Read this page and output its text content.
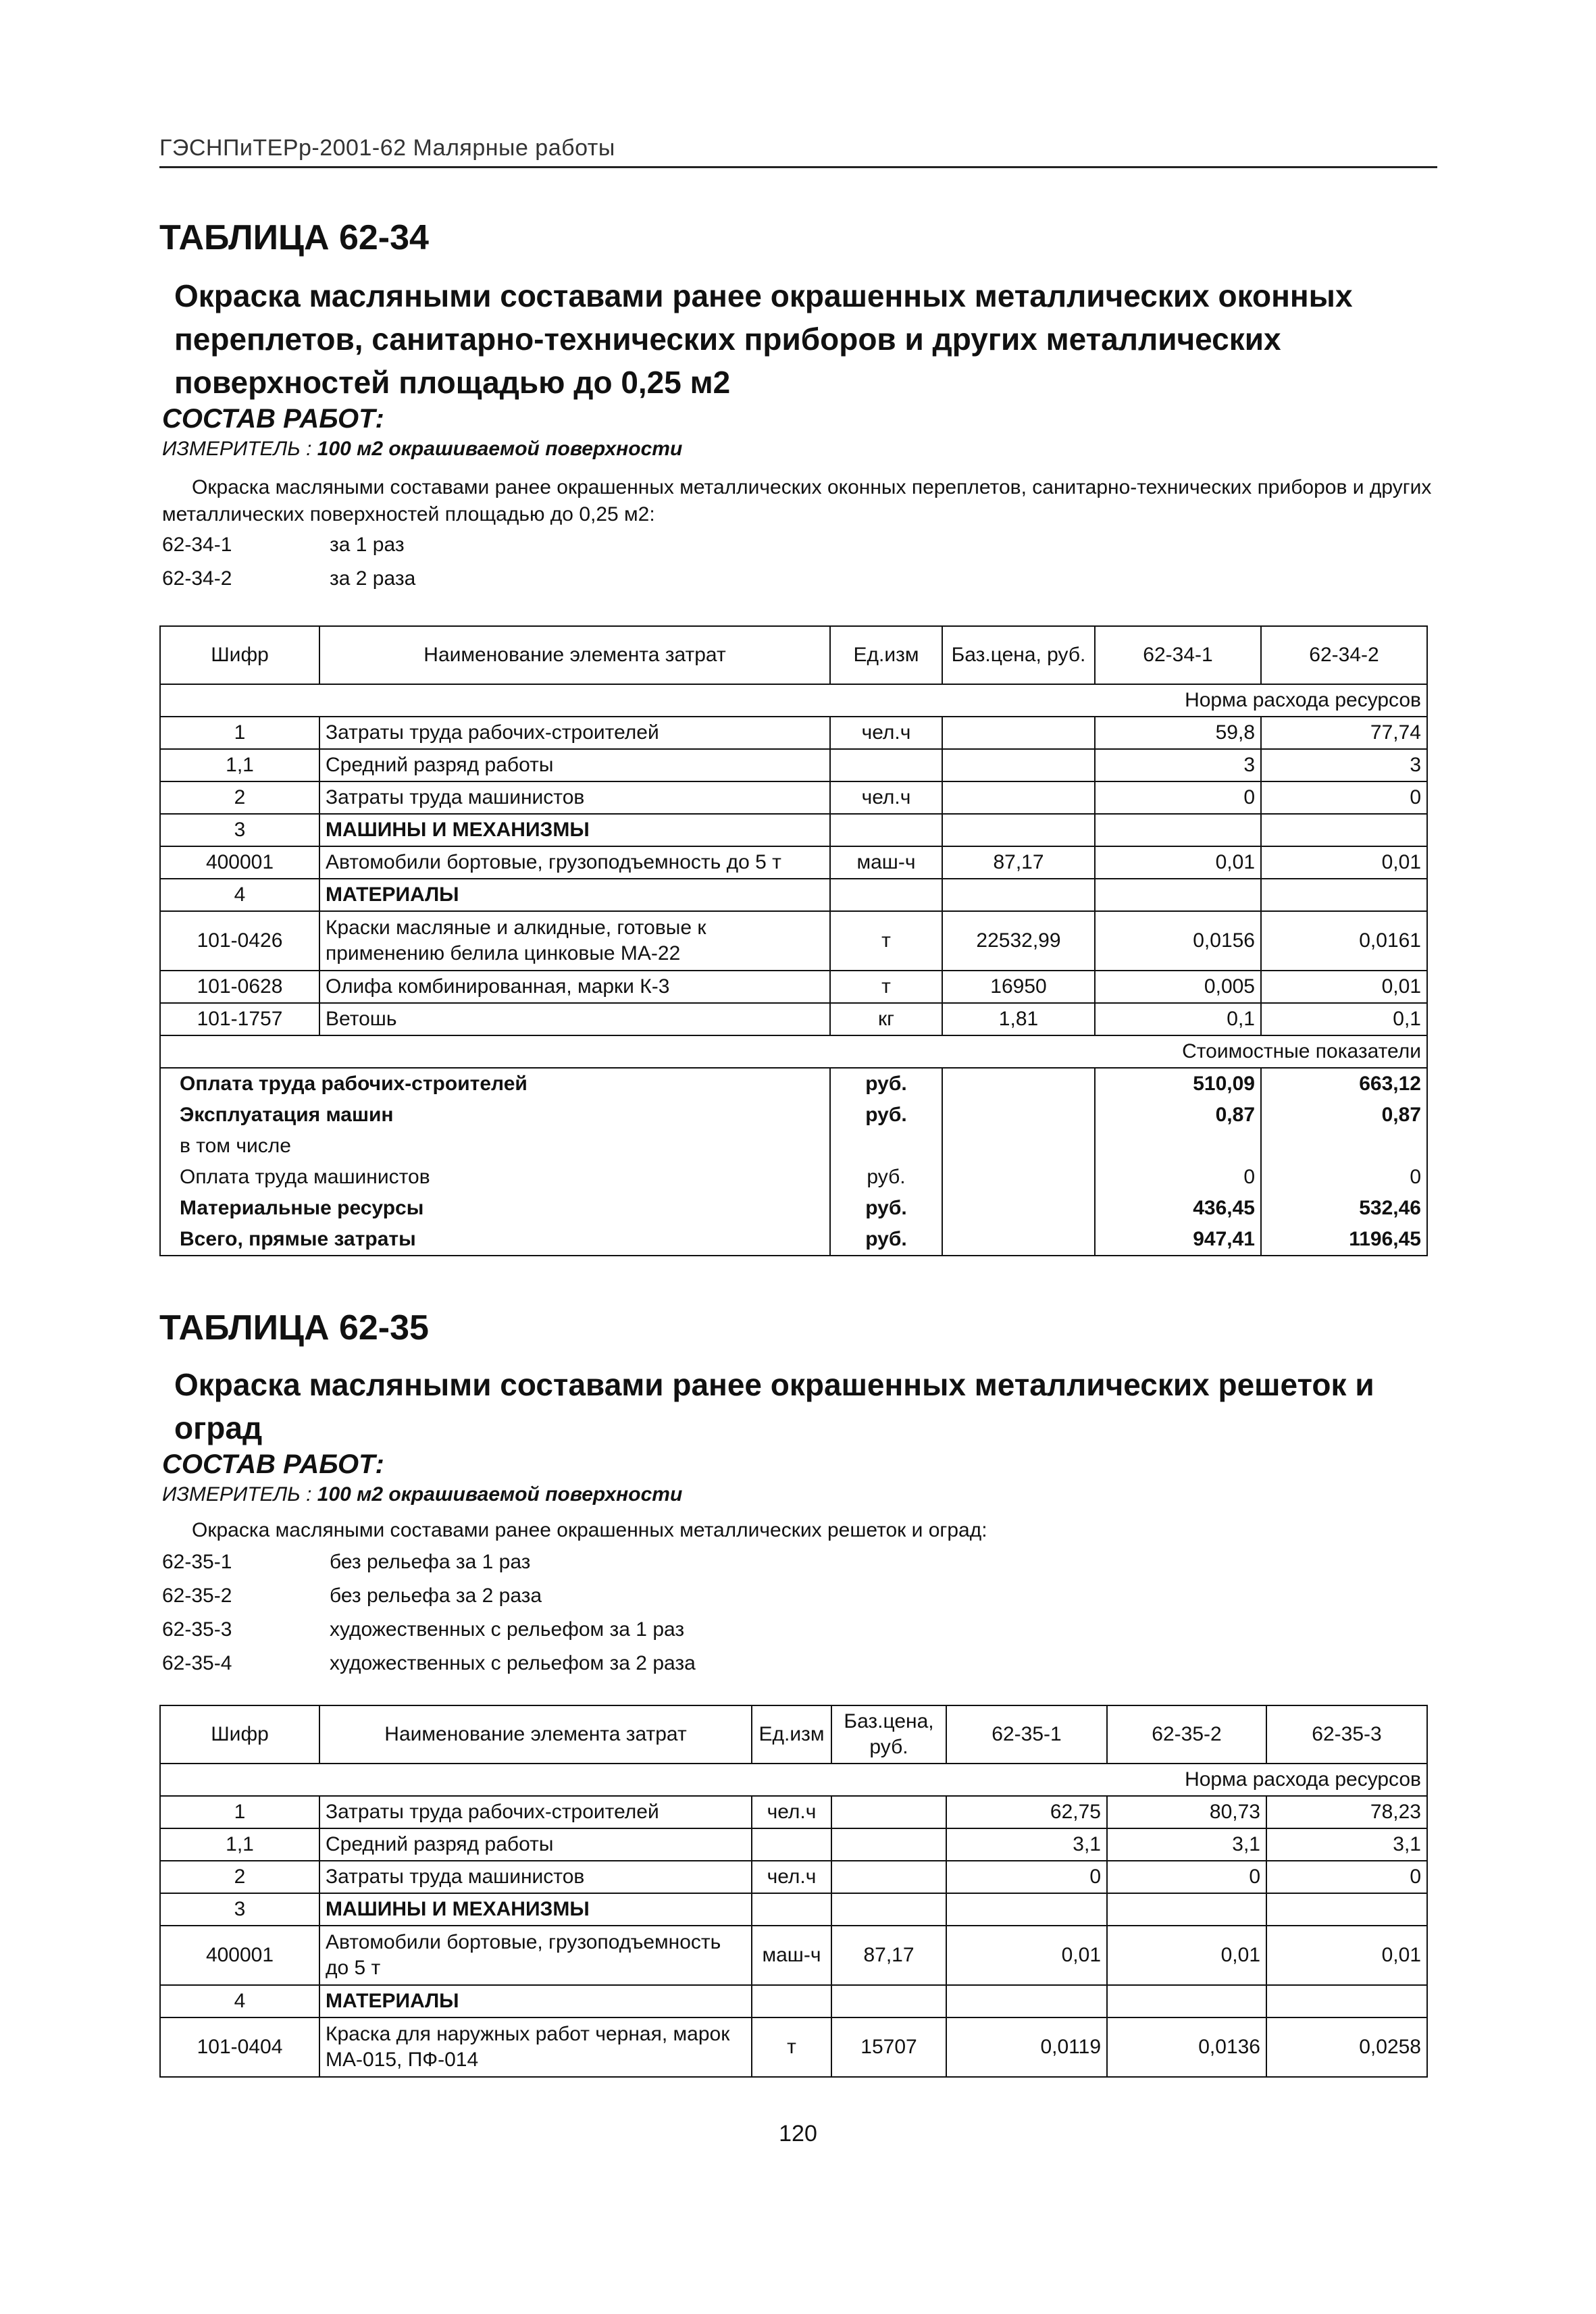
ГЭСНПиТЕРр-2001-62 Малярные работы
ТАБЛИЦА 62-34
Окраска масляными составами ранее окрашенных металлических оконных переплетов, санитарно-технических приборов и других металлических поверхностей площадью до 0,25 м2
СОСТАВ РАБОТ:
ИЗМЕРИТЕЛЬ : 100 м2 окрашиваемой поверхности
Окраска масляными составами ранее окрашенных металлических оконных переплетов, санитарно-технических приборов и других металлических поверхностей площадью до 0,25 м2:
62-34-1	за 1 раз
62-34-2	за 2 раза
Шифр	Наименование элемента затрат	Ед.изм	Баз.цена, руб.	62-34-1	62-34-2
Норма расхода ресурсов					
1	Затраты труда рабочих-строителей	чел.ч		59,8	77,74
1,1	Средний разряд работы			3	3
2	Затраты труда машинистов	чел.ч		0	0
3	МАШИНЫ И МЕХАНИЗМЫ				
400001	Автомобили бортовые, грузоподъемность до 5 т	маш-ч	87,17	0,01	0,01
4	МАТЕРИАЛЫ				
101-0426	Краски масляные и алкидные, готовые к применению белила цинковые МА-22	т	22532,99	0,0156	0,0161
101-0628	Олифа комбинированная, марки К-3	т	16950	0,005	0,01
101-1757	Ветошь	кг	1,81	0,1	0,1
Стоимостные показатели					
Оплата труда рабочих-строителей		руб.		510,09	663,12
Эксплуатация машин		руб.		0,87	0,87
в том числе					
Оплата труда машинистов		руб.		0	0
Материальные ресурсы		руб.		436,45	532,46
Всего, прямые затраты		руб.		947,41	1196,45
ТАБЛИЦА 62-35
Окраска масляными составами ранее окрашенных металлических решеток и оград
СОСТАВ РАБОТ:
ИЗМЕРИТЕЛЬ : 100 м2 окрашиваемой поверхности
Окраска масляными составами ранее окрашенных металлических решеток и оград:
62-35-1	без рельефа за 1 раз
62-35-2	без рельефа за 2 раза
62-35-3	художественных с рельефом за 1 раз
62-35-4	художественных с рельефом за 2 раза
Шифр	Наименование элемента затрат	Ед.изм	Баз.цена, руб.	62-35-1	62-35-2	62-35-3
Норма расхода ресурсов						
1	Затраты труда рабочих-строителей	чел.ч		62,75	80,73	78,23
1,1	Средний разряд работы			3,1	3,1	3,1
2	Затраты труда машинистов	чел.ч		0	0	0
3	МАШИНЫ И МЕХАНИЗМЫ					
400001	Автомобили бортовые, грузоподъемность до 5 т	маш-ч	87,17	0,01	0,01	0,01
4	МАТЕРИАЛЫ					
101-0404	Краска для наружных работ черная, марок МА-015, ПФ-014	т	15707	0,0119	0,0136	0,0258
120
